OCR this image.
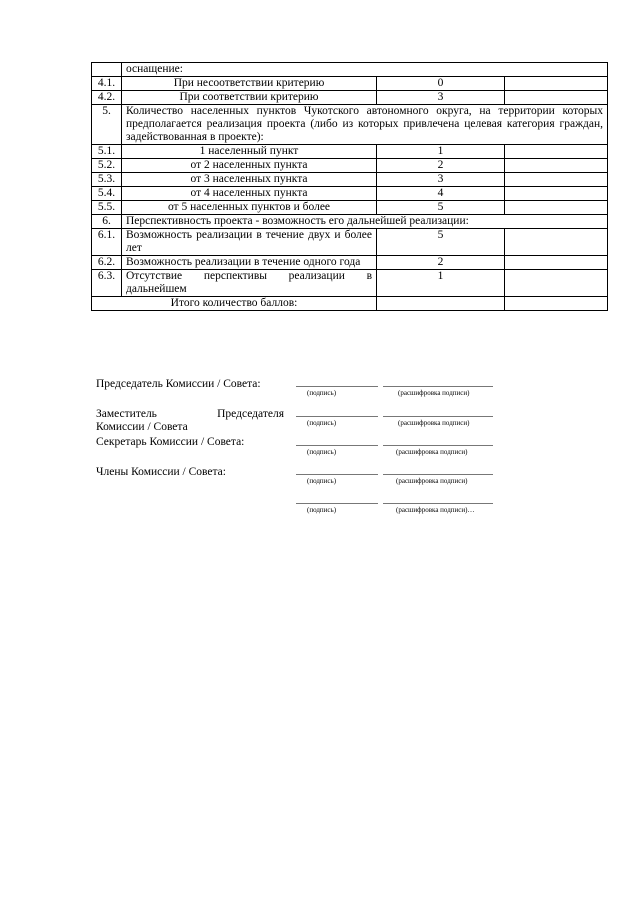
	оснащение:		
4.1.	При несоответствии критерию	0	
4.2.	При соответствии критерию	3	
5.	Количество населенных пунктов Чукотского автономного округа, на территории которых предполагается реализация проекта (либо из которых привлечена целевая категория граждан, задействованная в проекте):		
5.1.	1 населенный пункт	1	
5.2.	от 2 населенных пункта	2	
5.3.	от 3 населенных пункта	3	
5.4.	от 4 населенных пункта	4	
5.5.	от 5 населенных пунктов и более	5	
6.	Перспективность проекта - возможность его дальнейшей реализации:		
6.1.	Возможность реализации в течение двух и более лет	5	
6.2.	Возможность реализации в течение одного года	2	
6.3.	Отсутствие перспективы реализации в дальнейшем	1	
Итого количество баллов:			
Председатель Комиссии / Совета:
(подпись)	(расшифровка подписи)
Заместитель Председателя
Комиссии / Совета	(подпись)	(расшифровка подписи)
Секретарь Комиссии / Совета:
(подпись)	(расшифровка подписи)
Члены Комиссии / Совета:
(подпись)	(расшифровка подписи)
(подпись)	(расшифровка подписи)…
